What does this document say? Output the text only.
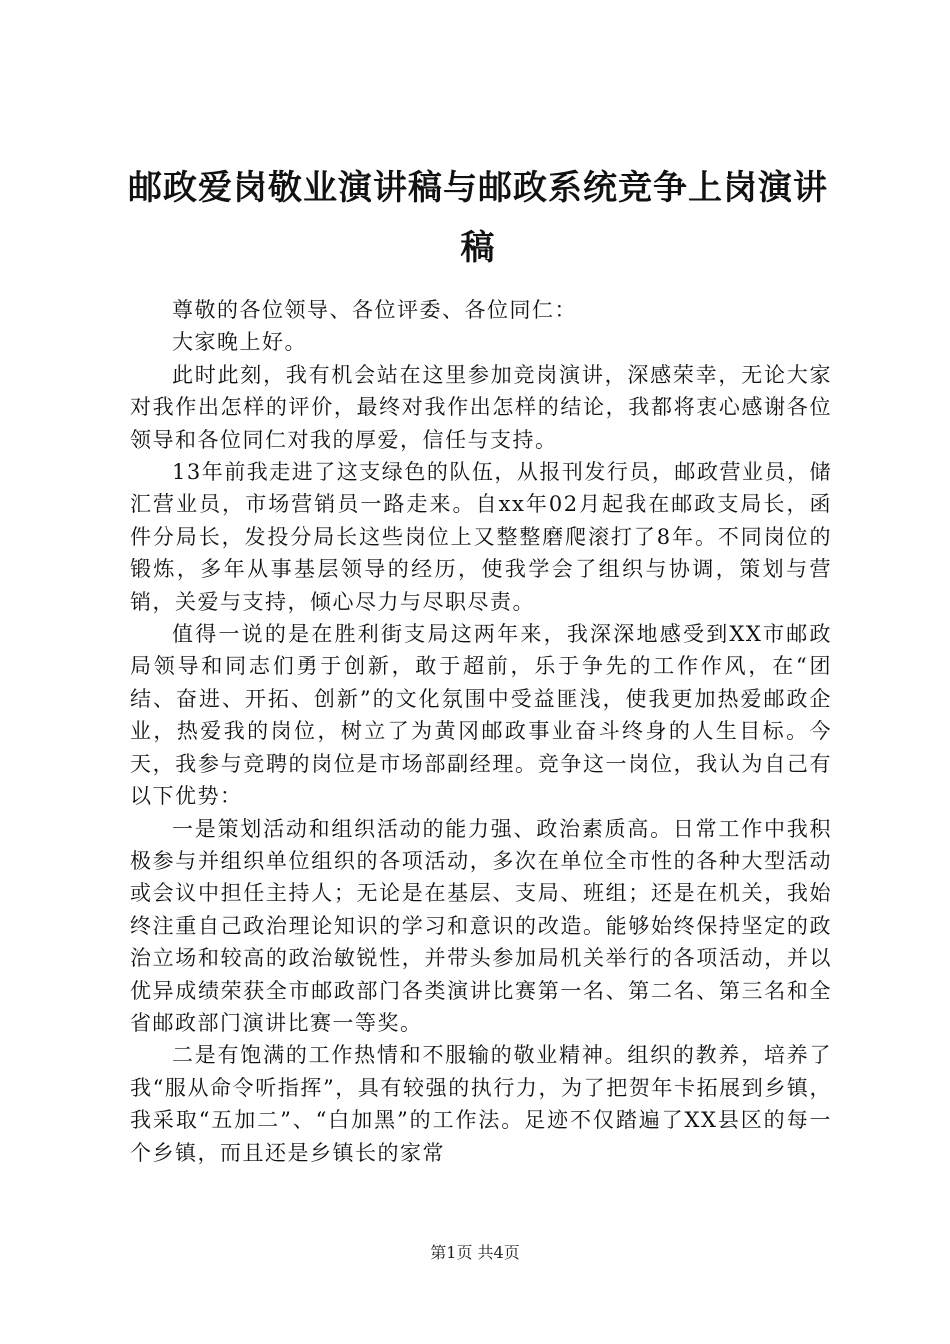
邮政爱岗敬业演讲稿与邮政系统竞争上岗演讲稿

尊敬的各位领导、各位评委、各位同仁：

大家晚上好。

此时此刻，我有机会站在这里参加竞岗演讲，深感荣幸，无论大家对我作出怎样的评价，最终对我作出怎样的结论，我都将衷心感谢各位领导和各位同仁对我的厚爱，信任与支持。

13年前我走进了这支绿色的队伍，从报刊发行员，邮政营业员，储汇营业员，市场营销员一路走来。自xx年02月起我在邮政支局长，函件分局长，发投分局长这些岗位上又整整磨爬滚打了8年。不同岗位的锻炼，多年从事基层领导的经历，使我学会了组织与协调，策划与营销，关爱与支持，倾心尽力与尽职尽责。

值得一说的是在胜利街支局这两年来，我深深地感受到XX市邮政局领导和同志们勇于创新，敢于超前，乐于争先的工作作风，在“团结、奋进、开拓、创新”的文化氛围中受益匪浅，使我更加热爱邮政企业，热爱我的岗位，树立了为黄冈邮政事业奋斗终身的人生目标。今天，我参与竞聘的岗位是市场部副经理。竞争这一岗位，我认为自己有以下优势：

一是策划活动和组织活动的能力强、政治素质高。日常工作中我积极参与并组织单位组织的各项活动，多次在单位全市性的各种大型活动或会议中担任主持人；无论是在基层、支局、班组；还是在机关，我始终注重自己政治理论知识的学习和意识的改造。能够始终保持坚定的政治立场和较高的政治敏锐性，并带头参加局机关举行的各项活动，并以优异成绩荣获全市邮政部门各类演讲比赛第一名、第二名、第三名和全省邮政部门演讲比赛一等奖。

二是有饱满的工作热情和不服输的敬业精神。组织的教养，培养了我“服从命令听指挥”，具有较强的执行力，为了把贺年卡拓展到乡镇，我采取“五加二”、“白加黑”的工作法。足迹不仅踏遍了XX县区的每一个乡镇，而且还是乡镇长的家常

第1页 共4页
